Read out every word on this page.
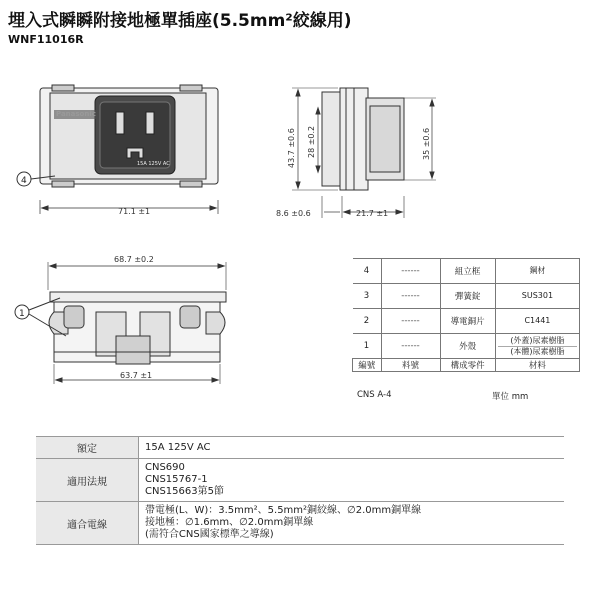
埋入式瞬瞬附接地極單插座(5.5mm²絞線用)
WNF11016R
15A 125V AC
4
71.1 ±1
43.7 ±0.6 28 ±0.2	35 ±0.6
8.6 ±0.6	21.7 ±1
68.7 ±0.2
1
63.7 ±1
4	------	組立框	鋼材
3	------	彈簧錠	SUS301
2	------	導電銅片	C1441
1	------	外殼	(外蓋)尿素樹脂
(本體)尿素樹脂

編號	料號	構成零件	材料
CNS A-4	單位 mm
額定	15A 125V AC

適用法規	CNS690
CNS15767-1
CNS15663第5節

適合電線	帶電極(L、W)：3.5mm²、5.5mm²銅絞線、∅2.0mm銅單線
接地極：∅1.6mm、∅2.0mm銅單線
(需符合CNS國家標準之導線)
